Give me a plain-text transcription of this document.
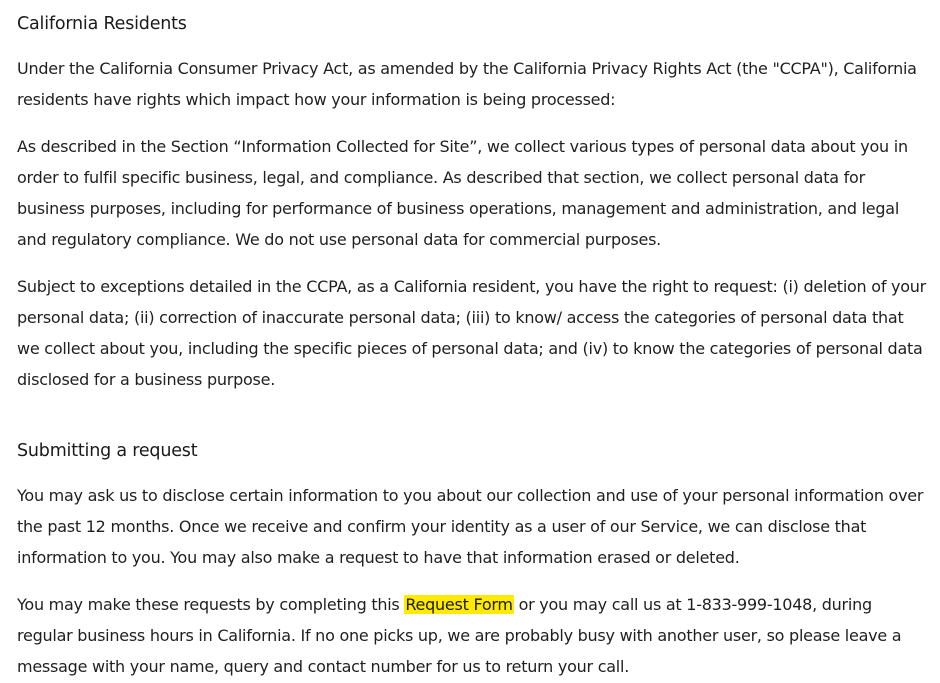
California Residents

Under the California Consumer Privacy Act, as amended by the California Privacy Rights Act (the "CCPA"), California residents have rights which impact how your information is being processed:

As described in the Section “Information Collected for Site”, we collect various types of personal data about you in order to fulfil specific business, legal, and compliance. As described that section, we collect personal data for business purposes, including for performance of business operations, management and administration, and legal and regulatory compliance. We do not use personal data for commercial purposes.

Subject to exceptions detailed in the CCPA, as a California resident, you have the right to request: (i) deletion of your personal data; (ii) correction of inaccurate personal data; (iii) to know/ access the categories of personal data that we collect about you, including the specific pieces of personal data; and (iv) to know the categories of personal data disclosed for a business purpose.

Submitting a request

You may ask us to disclose certain information to you about our collection and use of your personal information over the past 12 months. Once we receive and confirm your identity as a user of our Service, we can disclose that information to you. You may also make a request to have that information erased or deleted.

You may make these requests by completing this Request Form or you may call us at 1-833-999-1048, during regular business hours in California. If no one picks up, we are probably busy with another user, so please leave a message with your name, query and contact number for us to return your call.
